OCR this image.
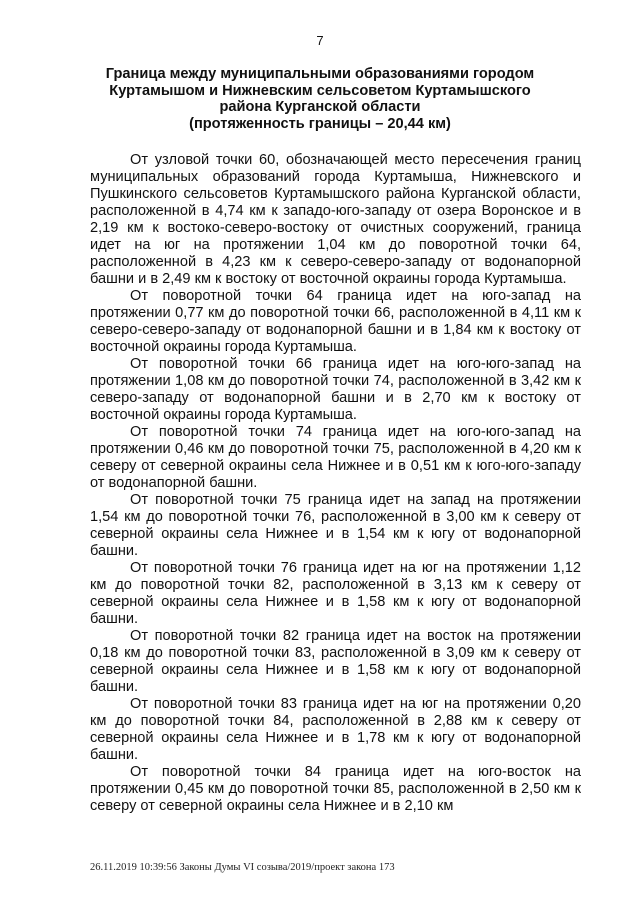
7
Граница между муниципальными образованиями городом
Куртамышом и Нижневским сельсоветом Куртамышского
района Курганской области
(протяженность границы – 20,44 км)

От узловой точки 60, обозначающей место пересечения границ муниципальных образований города Куртамыша, Нижневского и Пушкинского сельсоветов Куртамышского района Курганской области, расположенной в 4,74 км к западо-юго-западу от озера Воронское и в 2,19 км к востоко-северо-востоку от очистных сооружений, граница идет на юг на протяжении 1,04 км до поворотной точки 64, расположенной в 4,23 км к северо-северо-западу от водонапорной башни и в 2,49 км к востоку от восточной окраины города Куртамыша.

От поворотной точки 64 граница идет на юго-запад на протяжении 0,77 км до поворотной точки 66, расположенной в 4,11 км к северо-северо-западу от водонапорной башни и в 1,84 км к востоку от восточной окраины города Куртамыша.

От поворотной точки 66 граница идет на юго-юго-запад на протяжении 1,08 км до поворотной точки 74, расположенной в 3,42 км к северо-западу от водонапорной башни и в 2,70 км к востоку от восточной окраины города Куртамыша.

От поворотной точки 74 граница идет на юго-юго-запад на протяжении 0,46 км до поворотной точки 75, расположенной в 4,20 км к северу от северной окраины села Нижнее и в 0,51 км к юго-юго-западу от водонапорной башни.

От поворотной точки 75 граница идет на запад на протяжении 1,54 км до поворотной точки 76, расположенной в 3,00 км к северу от северной окраины села Нижнее и в 1,54 км к югу от водонапорной башни.

От поворотной точки 76 граница идет на юг на протяжении 1,12 км до поворотной точки 82, расположенной в 3,13 км к северу от северной окраины села Нижнее и в 1,58 км к югу от водонапорной башни.

От поворотной точки 82 граница идет на восток на протяжении 0,18 км до поворотной точки 83, расположенной в 3,09 км к северу от северной окраины села Нижнее и в 1,58 км к югу от водонапорной башни.

От поворотной точки 83 граница идет на юг на протяжении 0,20 км до поворотной точки 84, расположенной в 2,88 км к северу от северной окраины села Нижнее и в 1,78 км к югу от водонапорной башни.

От поворотной точки 84 граница идет на юго-восток на протяжении 0,45 км до поворотной точки 85, расположенной в 2,50 км к северу от северной окраины села Нижнее и в 2,10 км

26.11.2019 10:39:56 Законы Думы VI созыва/2019/проект закона 173
